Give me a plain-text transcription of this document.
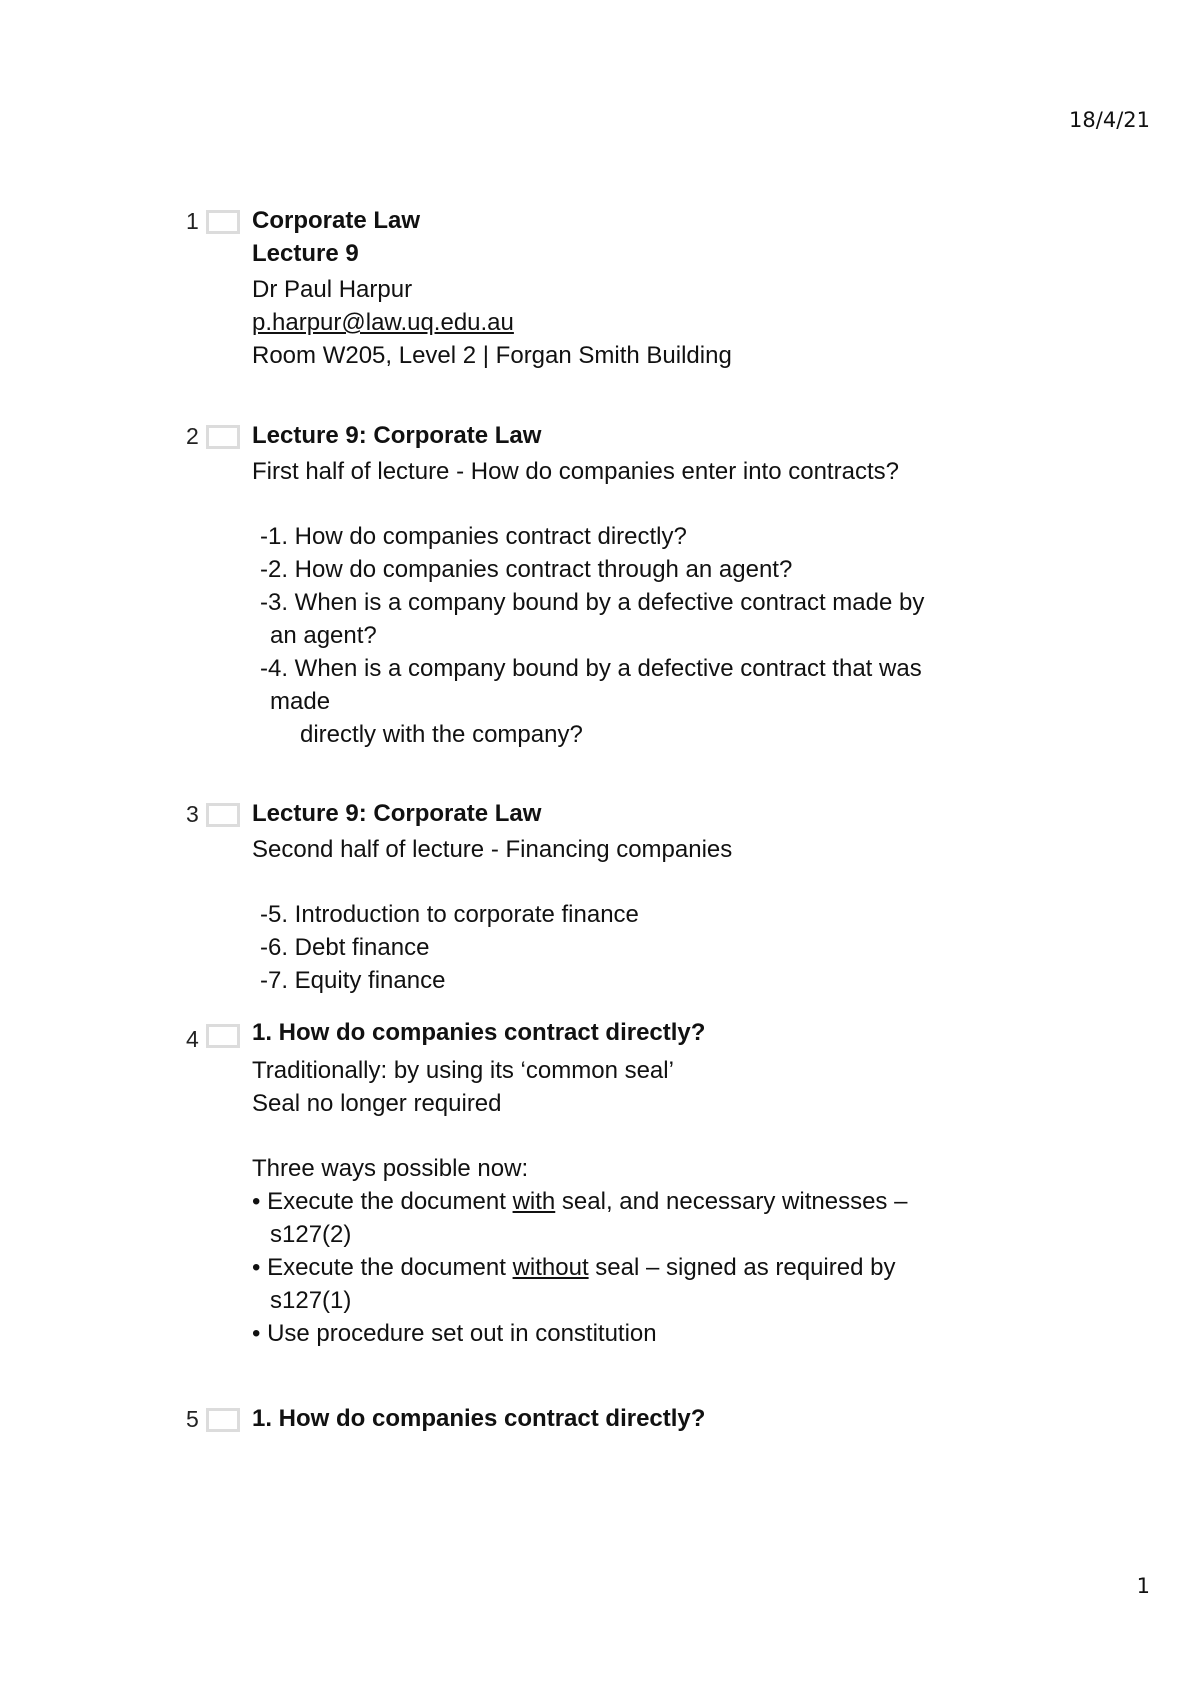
18/4/21
1 Corporate Law
Lecture 9
Dr Paul Harpur
p.harpur@law.uq.edu.au
Room W205, Level 2 | Forgan Smith Building
2 Lecture 9: Corporate Law
First half of lecture - How do companies enter into contracts?
-1. How do companies contract directly?
-2. How do companies contract through an agent?
-3. When is a company bound by a defective contract made by
an agent?
-4. When is a company bound by a defective contract that was
made
directly with the company?
3 Lecture 9: Corporate Law
Second half of lecture - Financing companies
-5. Introduction to corporate finance
-6. Debt finance
-7. Equity finance
4 1. How do companies contract directly?
Traditionally: by using its ‘common seal’
Seal no longer required
Three ways possible now:
• Execute the document with seal, and necessary witnesses –
s127(2)
• Execute the document without seal – signed as required by
s127(1)
• Use procedure set out in constitution
5 1. How do companies contract directly?
1
